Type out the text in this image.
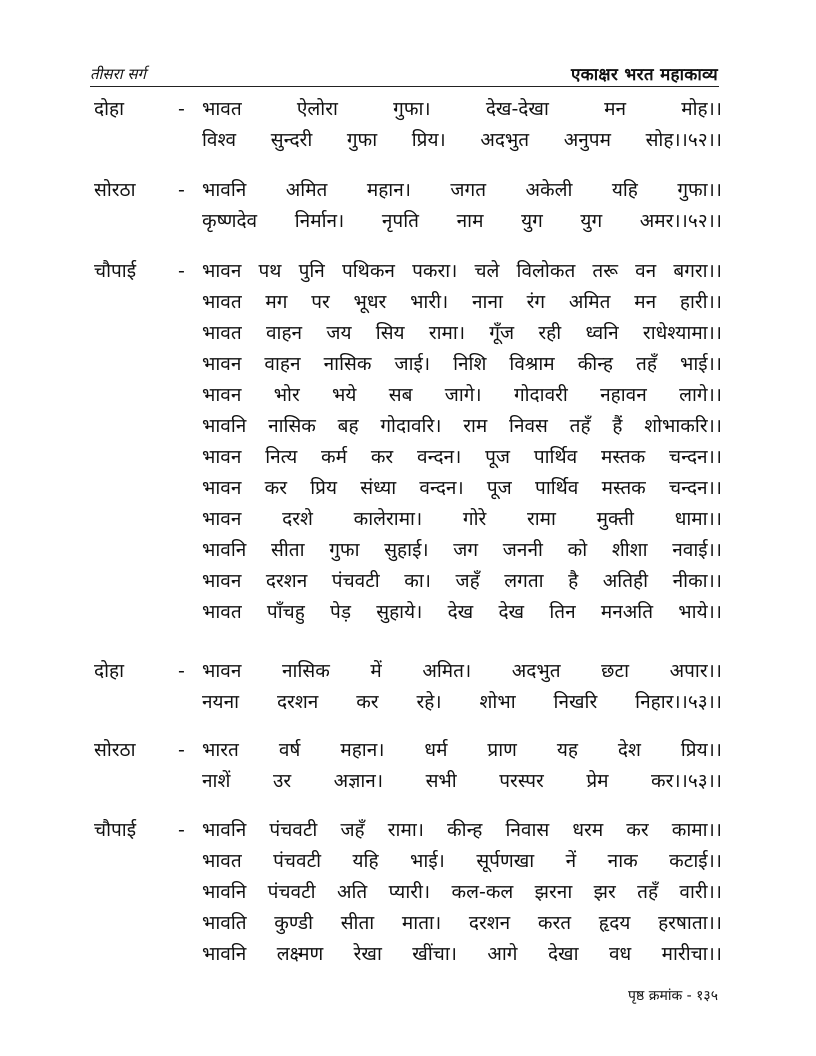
तीसरा सर्ग	एकाक्षर भरत महाकाव्य
दोहा	- भावत ऐलोरा गुफा। देख-देखा मन मोह।।
विश्व सुन्दरी गुफा प्रिय। अदभुत अनुपम सोह।।५२।।
सोरठा - भावनि अमित महान। जगत अकेली यहि गुफा।।
कृष्णदेव निर्मान। नृपति नाम युग युग अमर।।५२।।
चौपाई - भावन पथ पुनि पथिकन पकरा। चले विलोकत तरू वन बगरा।।
भावत मग पर भूधर भारी। नाना रंग अमित मन हारी।।
भावत वाहन जय सिय रामा। गूँज रही ध्वनि राधेश्यामा।।
भावन वाहन नासिक जाई। निशि विश्राम कीन्ह तहँ भाई।।
भावन भोर भये सब जागे। गोदावरी नहावन लागे।।
भावनि नासिक बह गोदावरि। राम निवस तहँ हैं शोभाकरि।।
भावन नित्य कर्म कर वन्दन। पूज पार्थिव मस्तक चन्दन।।
भावन कर प्रिय संध्या वन्दन। पूज पार्थिव मस्तक चन्दन।।
भावन दरशे कालेरामा। गोरे रामा मुक्ती धामा।।
भावनि सीता गुफा सुहाई। जग जननी को शीशा नवाई।।
भावन दरशन पंचवटी का। जहँ लगता है अतिही नीका।।
भावत पाँचहु पेड़ सुहाये। देख देख तिन मनअति भाये।।
दोहा	- भावन नासिक में अमित। अदभुत छटा अपार।।
नयना दरशन कर रहे। शोभा निखरि निहार।।५३।।
सोरठा - भारत वर्ष महान। धर्म प्राण यह देश प्रिय।।
नाशें उर अज्ञान। सभी परस्पर प्रेम कर।।५३।।
चौपाई - भावनि पंचवटी जहँ रामा। कीन्ह निवास धरम कर कामा।।
भावत पंचवटी यहि भाई। सूर्पणखा नें नाक कटाई।।
भावनि पंचवटी अति प्यारी। कल-कल झरना झर तहँ वारी।।
भावति कुण्डी सीता माता। दरशन करत हृदय हरषाता।।
भावनि लक्ष्मण रेखा खींचा। आगे देखा वध मारीचा।।
पृष्ठ क्रमांक - १३५
